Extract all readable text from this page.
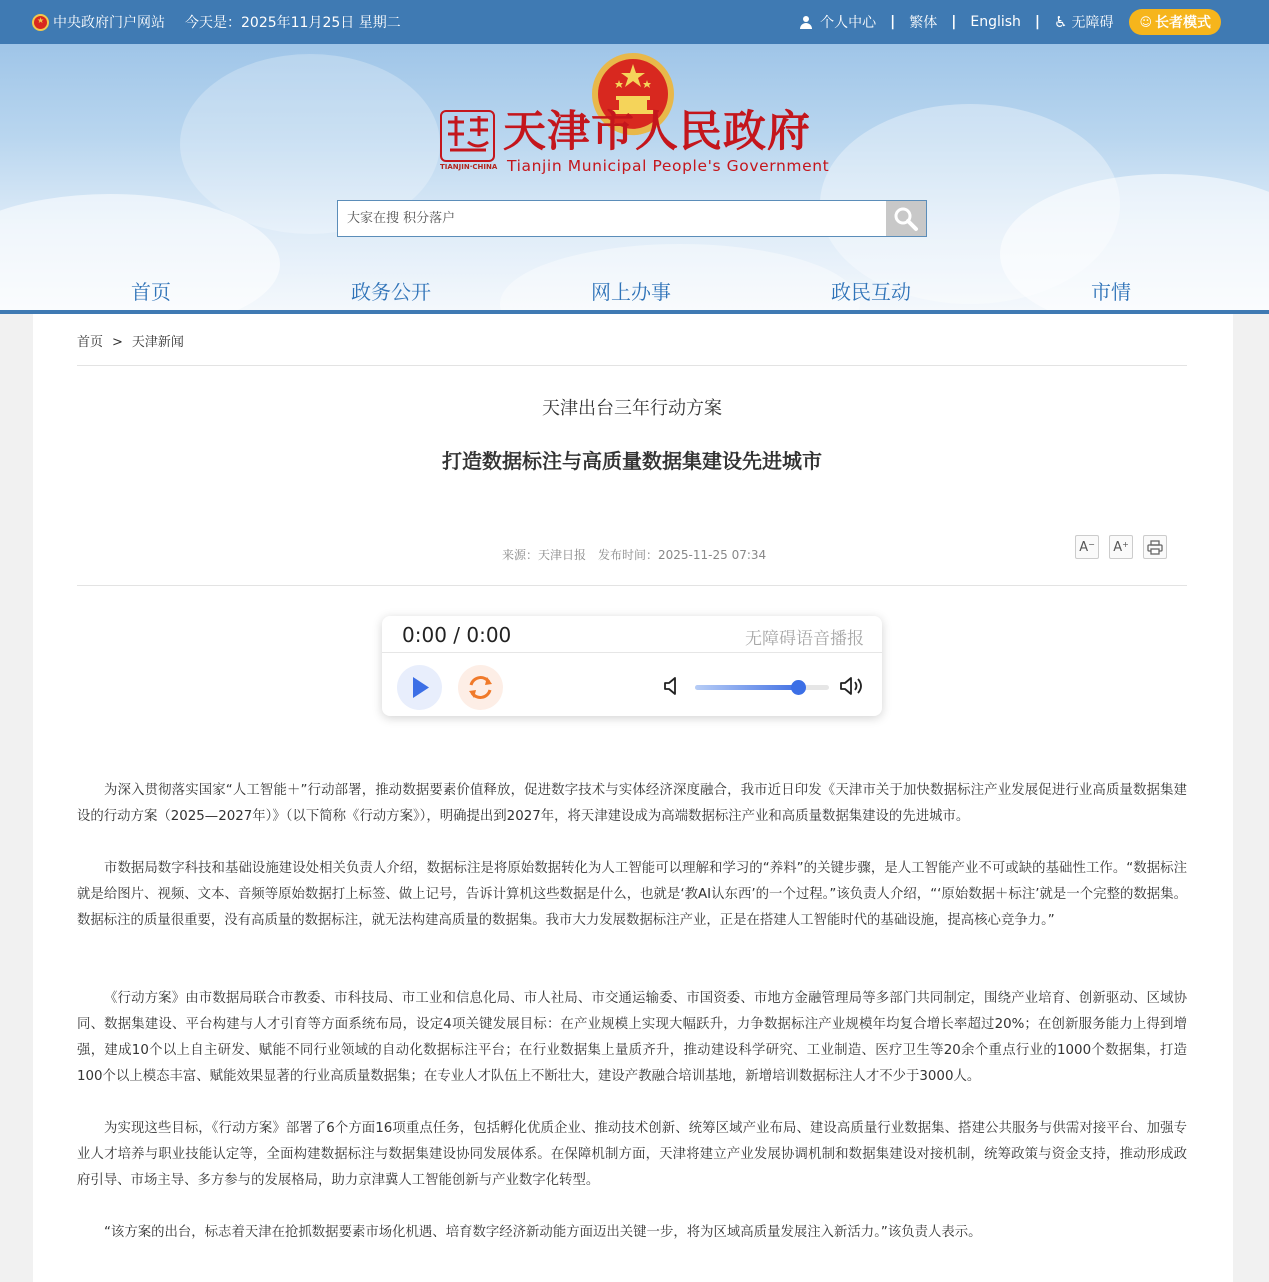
★
中央政府门户网站 今天是：2025年11月25日 星期二	个人中心 | 繁体 | English | ♿ 无障碍 ☺ 长者模式
TIANJIN·CHINA
天津市人民政府
Tianjin Municipal People's Government
大家在搜 积分落户
首页	政务公开	网上办事	政民互动	市情
首页 > 天津新闻
天津出台三年行动方案
打造数据标注与高质量数据集建设先进城市
来源：天津日报 发布时间：2025-11-25 07:34
A− A+
0:00 / 0:00	无障碍语音播报

为深入贯彻落实国家“人工智能＋”行动部署，推动数据要素价值释放，促进数字技术与实体经济深度融合，我市近日印发《天津市关于加快数据标注产业发展促进行业高质量数据集建设的行动方案（2025—2027年）》（以下简称《行动方案》），明确提出到2027年，将天津建设成为高端数据标注产业和高质量数据集建设的先进城市。

市数据局数字科技和基础设施建设处相关负责人介绍，数据标注是将原始数据转化为人工智能可以理解和学习的“养料”的关键步骤，是人工智能产业不可或缺的基础性工作。“数据标注就是给图片、视频、文本、音频等原始数据打上标签、做上记号，告诉计算机这些数据是什么，也就是‘教AI认东西’的一个过程。”该负责人介绍，“‘原始数据＋标注’就是一个完整的数据集。数据标注的质量很重要，没有高质量的数据标注，就无法构建高质量的数据集。我市大力发展数据标注产业，正是在搭建人工智能时代的基础设施，提高核心竞争力。”

《行动方案》由市数据局联合市教委、市科技局、市工业和信息化局、市人社局、市交通运输委、市国资委、市地方金融管理局等多部门共同制定，围绕产业培育、创新驱动、区域协同、数据集建设、平台构建与人才引育等方面系统布局，设定4项关键发展目标：在产业规模上实现大幅跃升，力争数据标注产业规模年均复合增长率超过20%；在创新服务能力上得到增强，建成10个以上自主研发、赋能不同行业领域的自动化数据标注平台；在行业数据集上量质齐升，推动建设科学研究、工业制造、医疗卫生等20余个重点行业的1000个数据集，打造100个以上模态丰富、赋能效果显著的行业高质量数据集；在专业人才队伍上不断壮大，建设产教融合培训基地，新增培训数据标注人才不少于3000人。

为实现这些目标，《行动方案》部署了6个方面16项重点任务，包括孵化优质企业、推动技术创新、统筹区域产业布局、建设高质量行业数据集、搭建公共服务与供需对接平台、加强专业人才培养与职业技能认定等，全面构建数据标注与数据集建设协同发展体系。在保障机制方面，天津将建立产业发展协调机制和数据集建设对接机制，统筹政策与资金支持，推动形成政府引导、市场主导、多方参与的发展格局，助力京津冀人工智能创新与产业数字化转型。

“该方案的出台，标志着天津在抢抓数据要素市场化机遇、培育数字经济新动能方面迈出关键一步，将为区域高质量发展注入新活力。”该负责人表示。
